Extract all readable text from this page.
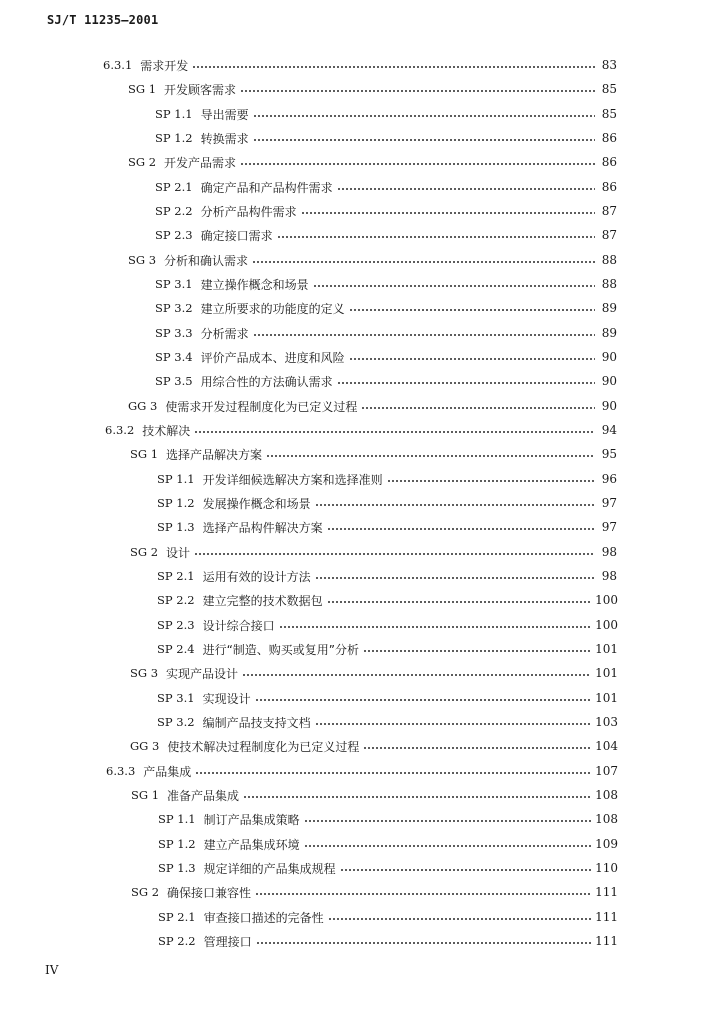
SJ/T 11235—2001
6.3.1 需求开发	83
SG 1 开发顾客需求	85
SP 1.1 导出需要	85
SP 1.2 转换需求	86
SG 2 开发产品需求	86
SP 2.1 确定产品和产品构件需求	86
SP 2.2 分析产品构件需求	87
SP 2.3 确定接口需求	87
SG 3 分析和确认需求	88
SP 3.1 建立操作概念和场景	88
SP 3.2 建立所要求的功能度的定义	89
SP 3.3 分析需求	89
SP 3.4 评价产品成本、进度和风险	90
SP 3.5 用综合性的方法确认需求	90
GG 3 使需求开发过程制度化为已定义过程	90
6.3.2 技术解决	94
SG 1 选择产品解决方案	95
SP 1.1 开发详细候选解决方案和选择准则	96
SP 1.2 发展操作概念和场景	97
SP 1.3 选择产品构件解决方案	97
SG 2 设计	98
SP 2.1 运用有效的设计方法	98
SP 2.2 建立完整的技术数据包	100
SP 2.3 设计综合接口	100
SP 2.4 进行“制造、购买或复用”分析	101
SG 3 实现产品设计	101
SP 3.1 实现设计	101
SP 3.2 编制产品技支持文档	103
GG 3 使技术解决过程制度化为已定义过程	104
6.3.3 产品集成	107
SG 1 准备产品集成	108
SP 1.1 制订产品集成策略	108
SP 1.2 建立产品集成环境	109
SP 1.3 规定详细的产品集成规程	110
SG 2 确保接口兼容性	111
SP 2.1 审查接口描述的完备性	111
SP 2.2 管理接口	111
IV
